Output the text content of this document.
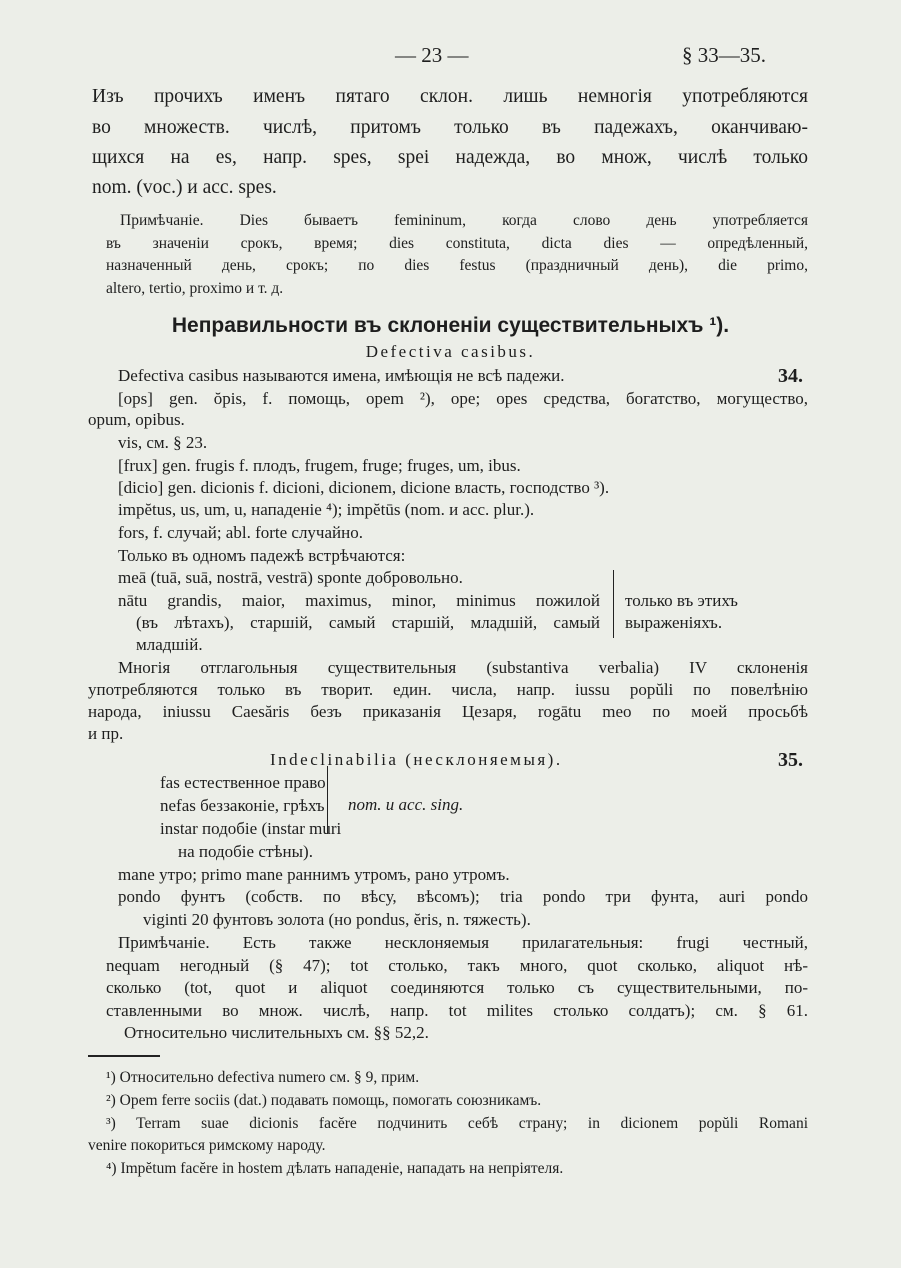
— 23 —	§ 33—35.
Изъ прочихъ именъ пятаго склон. лишь немногія употребляются
во множеств. числѣ, притомъ только въ падежахъ, оканчиваю-
щихся на es, напр. spes, spei надежда, во множ, числѣ только
nom. (voc.) и acc. spes.
Примѣчаніе. Dies бываетъ femininum, когда слово день употребляется
въ значеніи срокъ, время; dies constituta, dicta dies — опредѣленный,
назначенный день, срокъ; по dies festus (праздничный день), die primo,
altero, tertio, proximo и т. д.
Неправильности въ склоненіи существительныхъ ¹).
Defectiva casibus.
34.
Defectiva casibus называются имена, имѣющія не всѣ падежи.
[ops] gen. ŏpis, f. помощь, opem ²), ope; opes средства, богатство, могущество,
opum, opibus.
vis, см. § 23.
[frux] gen. frugis f. плодъ, frugem, fruge; fruges, um, ibus.
[dicio] gen. dicionis f. dicioni, dicionem, dicione власть, господство ³).
impĕtus, us, um, u, нападеніе ⁴); impĕtūs (nom. и acc. plur.).
fors, f. случай; abl. forte случайно.
Только въ одномъ падежѣ встрѣчаются:
meā (tuā, suā, nostrā, vestrā) sponte добровольно.
nātu grandis, maior, maximus, minor, minimus пожилой
(въ лѣтахъ), старшій, самый старшій, младшій, самый
младшій.
только въ этихъ
выраженіяхъ.
Многія отглагольныя существительныя (substantiva verbalia) IV склоненія
употребляются только въ творит. един. числа, напр. iussu popŭli по повелѣнію
народа, iniussu Caesăris безъ приказанія Цезаря, rogātu meo по моей просьбѣ
и пр.
35.
Indeclinabilia (несклоняемыя).
fas естественное право
nefas беззаконіе, грѣхъ
instar подобіе (instar muri
на подобіе стѣны).
nom. и acc. sing.
mane утро; primo mane раннимъ утромъ, рано утромъ.
pondo фунтъ (собств. по вѣсу, вѣсомъ); tria pondo три фунта, auri pondo
viginti 20 фунтовъ золота (но pondus, ĕris, n. тяжесть).
Примѣчаніе. Есть также несклоняемыя прилагательныя: frugi честный,
nequam негодный (§ 47); tot столько, такъ много, quot сколько, aliquot нѣ-
сколько (tot, quot и aliquot соединяются только съ существительными, по-
ставленными во множ. числѣ, напр. tot milites столько солдатъ); см. § 61.
Относительно числительныхъ см. §§ 52,2.
¹) Относительно defectiva numero см. § 9, прим.
²) Opem ferre sociis (dat.) подавать помощь, помогать союзникамъ.
³) Terram suae dicionis facĕre подчинить себѣ страну; in dicionem popŭli Romani
venire покориться римскому народу.
⁴) Impĕtum facĕre in hostem дѣлать нападеніе, нападать на непріятеля.
